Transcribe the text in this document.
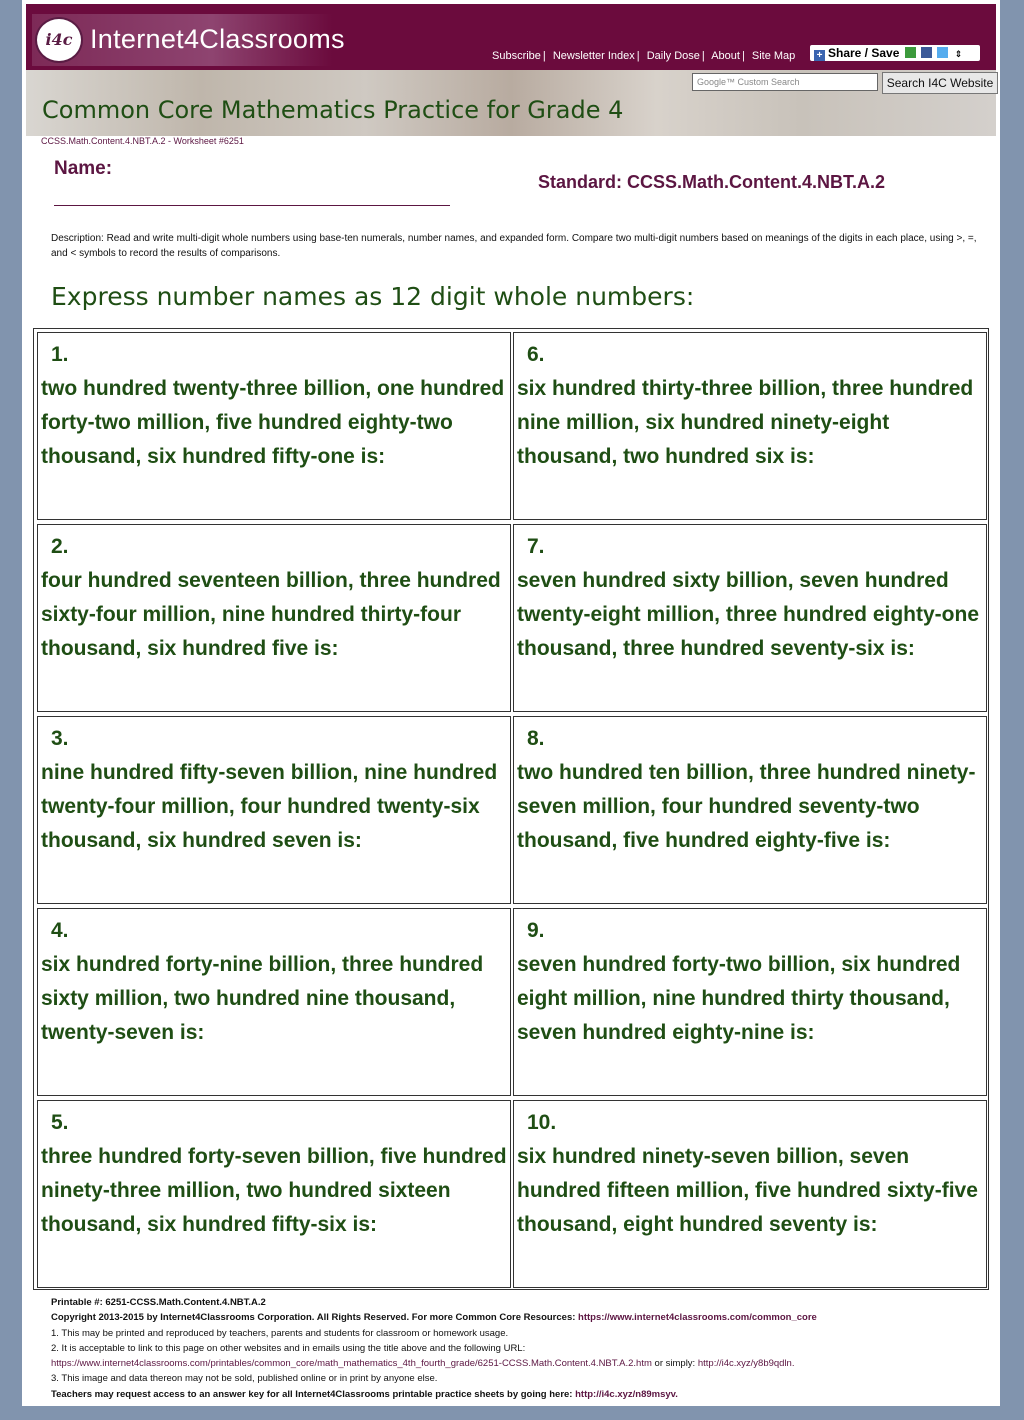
i4c Internet4Classrooms
Subscribe | Newsletter Index | Daily Dose | About | Site Map	+ Share / Save	⇕
Google™ Custom Search	Search I4C Website
Common Core Mathematics Practice for Grade 4
CCSS.Math.Content.4.NBT.A.2 - Worksheet #6251
Name:
Standard: CCSS.Math.Content.4.NBT.A.2
Description: Read and write multi-digit whole numbers using base-ten numerals, number names, and expanded form. Compare two multi-digit numbers based on meanings of the digits in each place, using >, =, and < symbols to record the results of comparisons.
Express number names as 12 digit whole numbers:
1.
two hundred twenty-three billion, one hundred forty-two million, five hundred eighty-two thousand, six hundred fifty-one is:
6.
six hundred thirty-three billion, three hundred nine million, six hundred ninety-eight thousand, two hundred six is:
2.
four hundred seventeen billion, three hundred sixty-four million, nine hundred thirty-four thousand, six hundred five is:
7.
seven hundred sixty billion, seven hundred twenty-eight million, three hundred eighty-one thousand, three hundred seventy-six is:
3.
nine hundred fifty-seven billion, nine hundred twenty-four million, four hundred twenty-six thousand, six hundred seven is:
8.
two hundred ten billion, three hundred ninety-seven million, four hundred seventy-two thousand, five hundred eighty-five is:
4.
six hundred forty-nine billion, three hundred sixty million, two hundred nine thousand, twenty-seven is:
9.
seven hundred forty-two billion, six hundred eight million, nine hundred thirty thousand, seven hundred eighty-nine is:
5.
three hundred forty-seven billion, five hundred ninety-three million, two hundred sixteen thousand, six hundred fifty-six is:
10.
six hundred ninety-seven billion, seven hundred fifteen million, five hundred sixty-five thousand, eight hundred seventy is:
Printable #: 6251-CCSS.Math.Content.4.NBT.A.2
Copyright 2013-2015 by Internet4Classrooms Corporation. All Rights Reserved. For more Common Core Resources: https://www.internet4classrooms.com/common_core
1. This may be printed and reproduced by teachers, parents and students for classroom or homework usage.
2. It is acceptable to link to this page on other websites and in emails using the title above and the following URL:
https://www.internet4classrooms.com/printables/common_core/math_mathematics_4th_fourth_grade/6251-CCSS.Math.Content.4.NBT.A.2.htm or simply: http://i4c.xyz/y8b9qdln.
3. This image and data thereon may not be sold, published online or in print by anyone else.
Teachers may request access to an answer key for all Internet4Classrooms printable practice sheets by going here: http://i4c.xyz/n89msyv.
